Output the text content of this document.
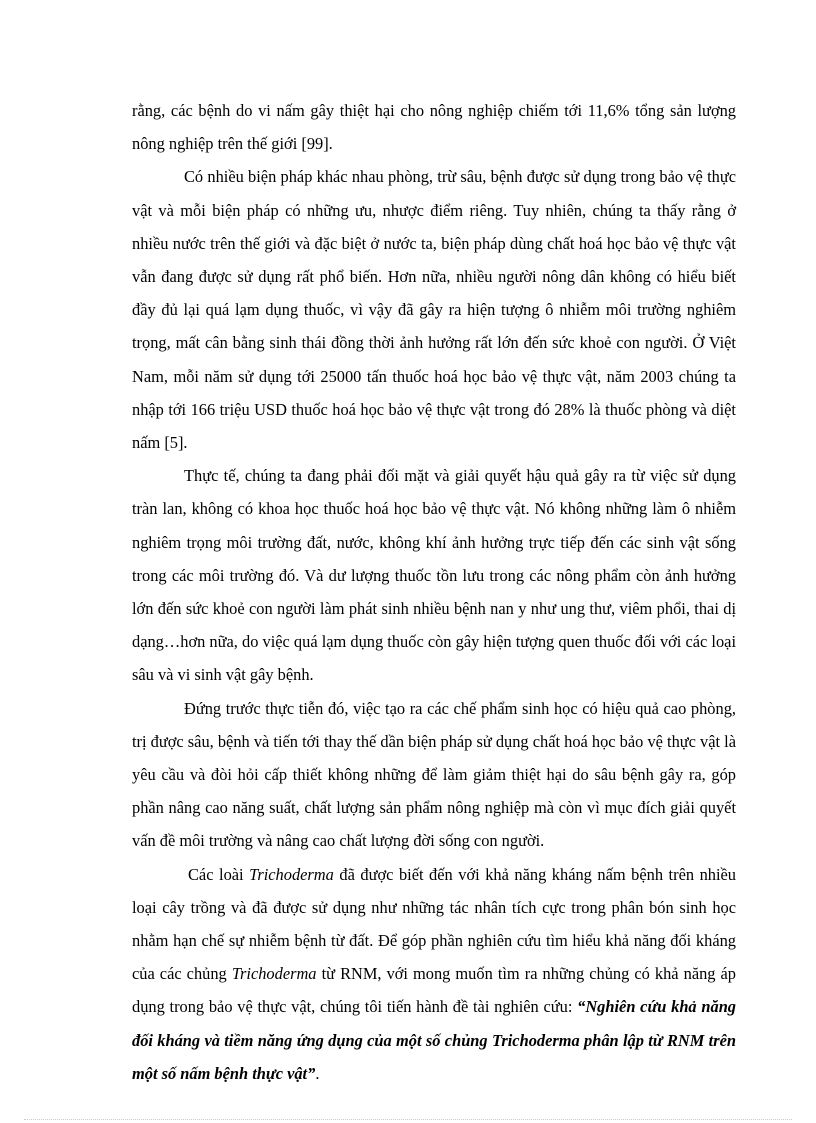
rằng, các bệnh do vi nấm gây thiệt hại cho nông nghiệp chiếm tới 11,6% tổng sản lượng nông nghiệp trên thế giới [99].

Có nhiều biện pháp khác nhau phòng, trừ sâu, bệnh được sử dụng trong bảo vệ thực vật và mỗi biện pháp có những ưu, nhược điểm riêng. Tuy nhiên, chúng ta thấy rằng ở nhiều nước trên thế giới và đặc biệt ở nước ta, biện pháp dùng chất hoá học bảo vệ thực vật vẫn đang được sử dụng rất phổ biến. Hơn nữa, nhiều người nông dân không có hiểu biết đầy đủ lại quá lạm dụng thuốc, vì vậy đã gây ra hiện tượng ô nhiễm môi trường nghiêm trọng, mất cân bằng sinh thái đồng thời ảnh hưởng rất lớn đến sức khoẻ con người. Ở Việt Nam, mỗi năm sử dụng tới 25000 tấn thuốc hoá học bảo vệ thực vật, năm 2003 chúng ta nhập tới 166 triệu USD thuốc hoá học bảo vệ thực vật trong đó 28% là thuốc phòng và diệt nấm [5].

Thực tế, chúng ta đang phải đối mặt và giải quyết hậu quả gây ra từ việc sử dụng tràn lan, không có khoa học thuốc hoá học bảo vệ thực vật. Nó không những làm ô nhiễm nghiêm trọng môi trường đất, nước, không khí ảnh hưởng trực tiếp đến các sinh vật sống trong các môi trường đó. Và dư lượng thuốc tồn lưu trong các nông phẩm còn ảnh hưởng lớn đến sức khoẻ con người làm phát sinh nhiều bệnh nan y như ung thư, viêm phổi, thai dị dạng…hơn nữa, do việc quá lạm dụng thuốc còn gây hiện tượng quen thuốc đối với các loại sâu và vi sinh vật gây bệnh.

Đứng trước thực tiễn đó, việc tạo ra các chế phẩm sinh học có hiệu quả cao phòng, trị được sâu, bệnh và tiến tới thay thế dần biện pháp sử dụng chất hoá học bảo vệ thực vật là yêu cầu và đòi hỏi cấp thiết không những để làm giảm thiệt hại do sâu bệnh gây ra, góp phần nâng cao năng suất, chất lượng sản phẩm nông nghiệp mà còn vì mục đích giải quyết vấn đề môi trường và nâng cao chất lượng đời sống con người.

Các loài Trichoderma đã được biết đến với khả năng kháng nấm bệnh trên nhiều loại cây trồng và đã được sử dụng như những tác nhân tích cực trong phân bón sinh học nhằm hạn chế sự nhiễm bệnh từ đất. Để góp phần nghiên cứu tìm hiểu khả năng đối kháng của các chủng Trichoderma từ RNM, với mong muốn tìm ra những chủng có khả năng áp dụng trong bảo vệ thực vật, chúng tôi tiến hành đề tài nghiên cứu: “Nghiên cứu khả năng đối kháng và tiềm năng ứng dụng của một số chủng Trichoderma phân lập từ RNM trên một số nấm bệnh thực vật”.
